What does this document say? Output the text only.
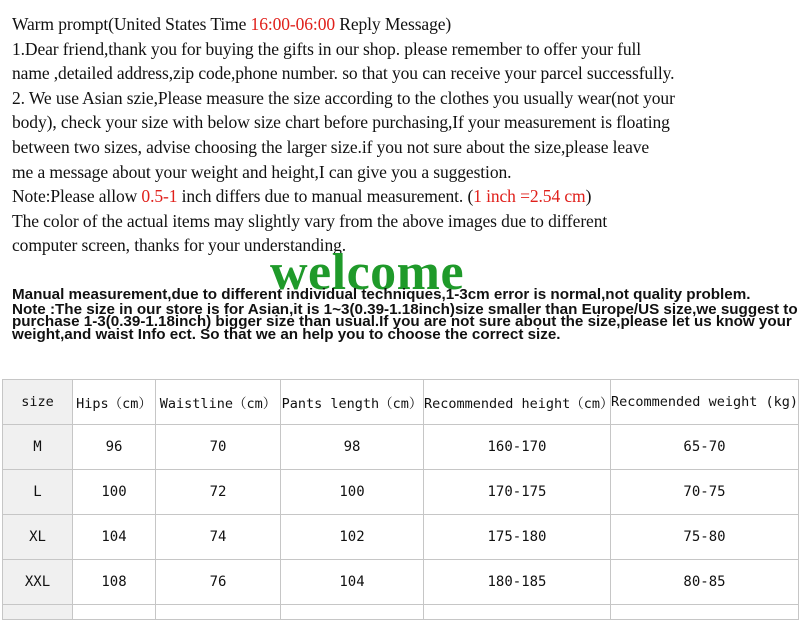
Warm prompt(United States Time 16:00-06:00 Reply Message)

1.Dear friend,thank you for buying the gifts in our shop. please remember to offer your full

name ,detailed address,zip code,phone number. so that you can receive your parcel successfully.

2. We use Asian szie,Please measure the size according to the clothes you usually wear(not your

body), check your size with below size chart before purchasing,If your measurement is floating

between two sizes, advise choosing the larger size.if you not sure about the size,please leave

me a message about your weight and height,I can give you a suggestion.

Note:Please allow 0.5-1 inch differs due to manual measurement. (1 inch =2.54 cm)

The color of the actual items may slightly vary from the above images due to different

computer screen, thanks for your understanding.

welcome

Manual measurement,due to different individual techniques,1-3cm error is normal,not quality problem.

Note :The size in our store is for Asian,it is 1~3(0.39-1.18inch)size smaller than Europe/US size,we suggest to purchase 1-3(0.39-1.18inch) bigger size than usual.If you are not sure about the size,please let us know your weight,and waist Info ect. So that we an help you to choose the correct size.

size	Hips（cm）	Waistline（cm）	Pants length（cm）	Recommended height（cm）	Recommended weight (kg)
M	96	70	98	160-170	65-70
L	100	72	100	170-175	70-75
XL	104	74	102	175-180	75-80
XXL	108	76	104	180-185	80-85
